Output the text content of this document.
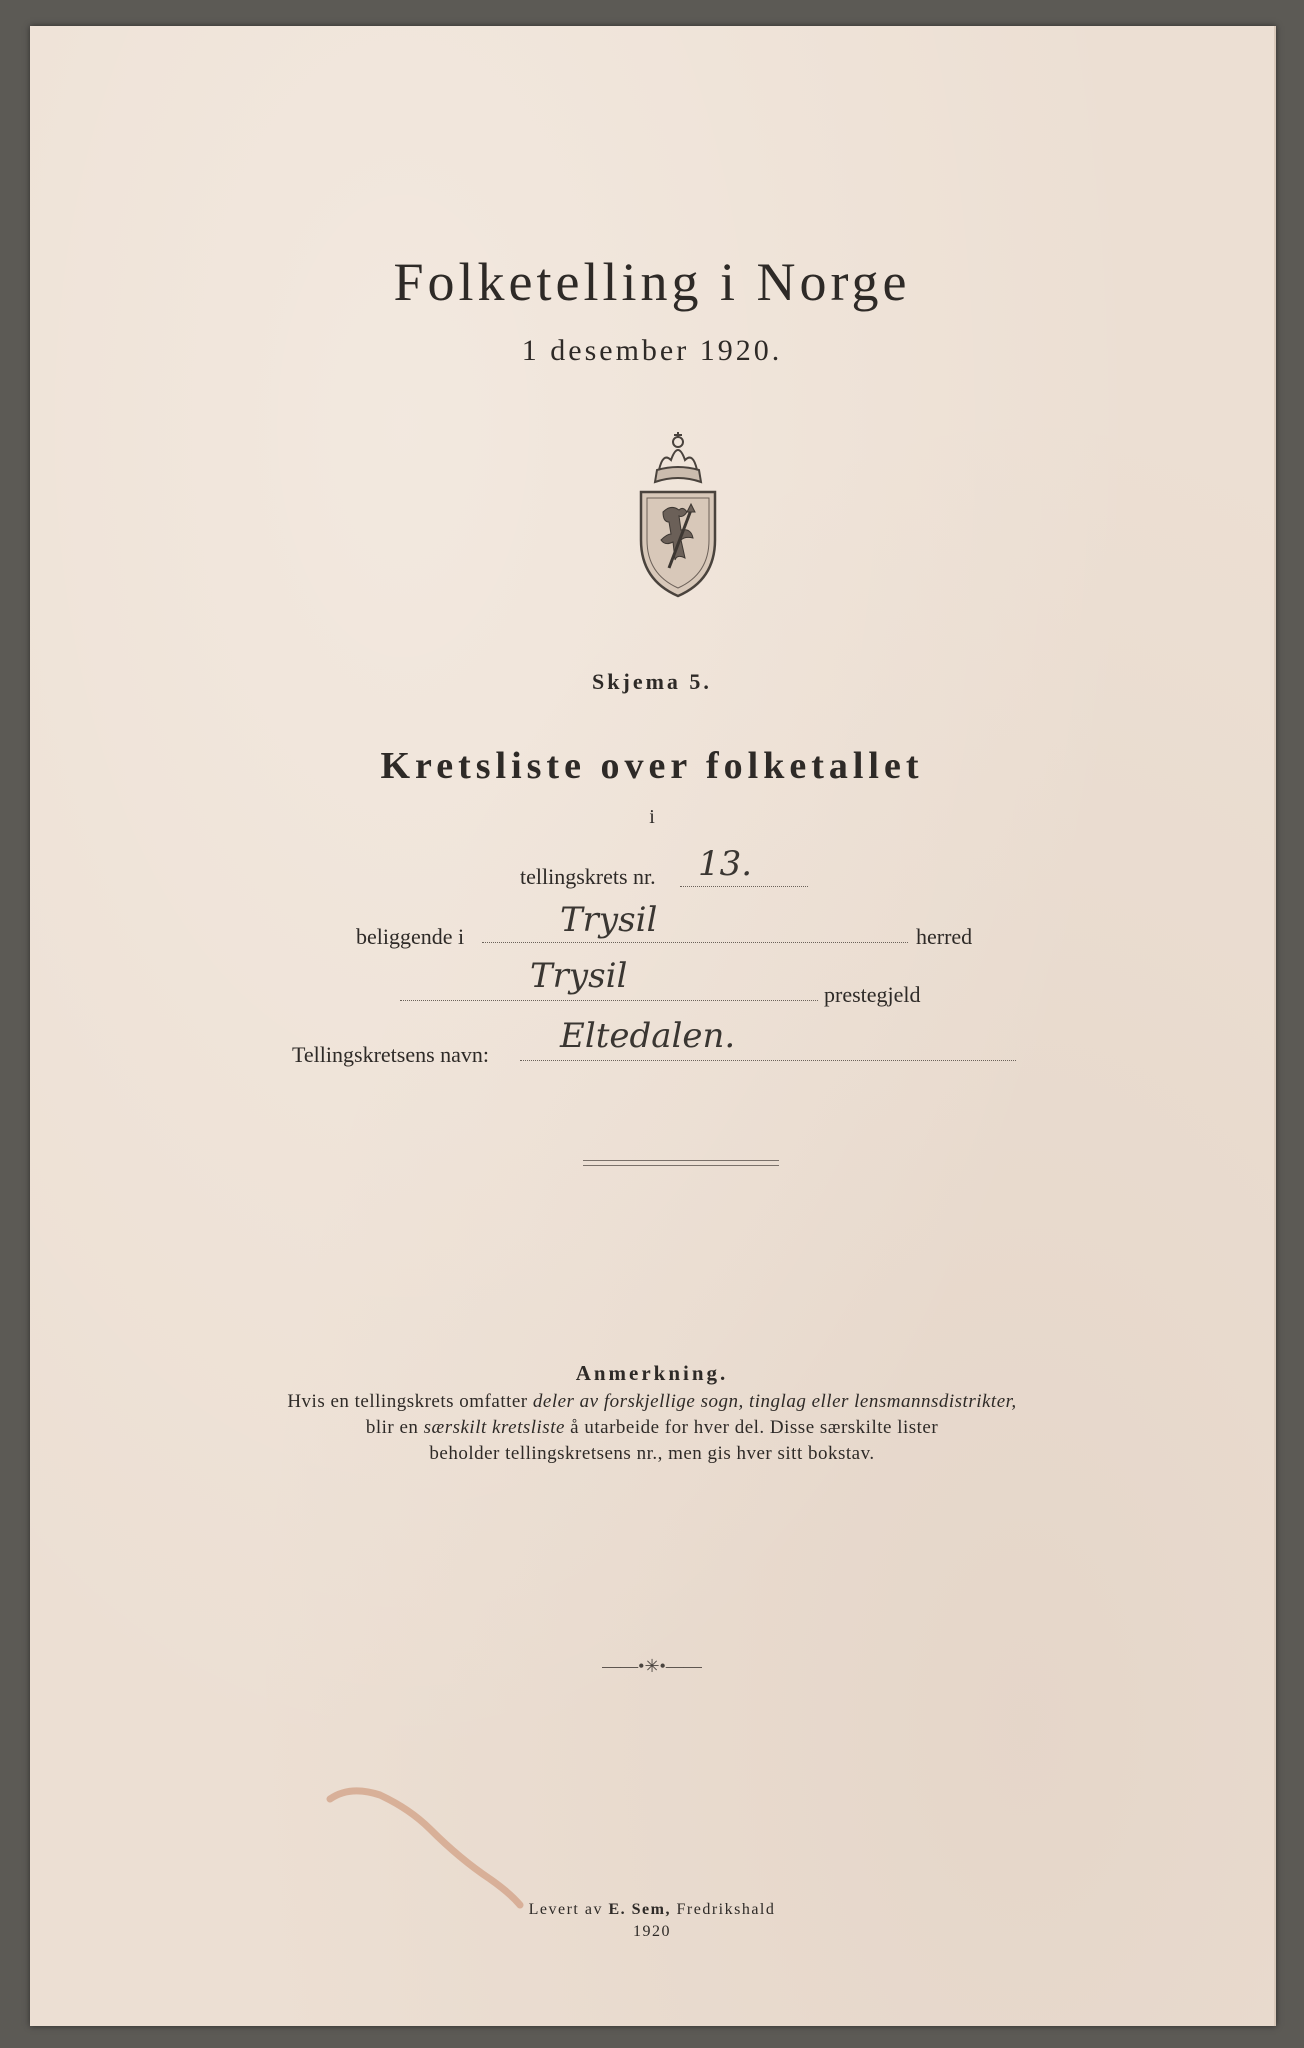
Folketelling i Norge
1 desember 1920.
Skjema 5.
Kretsliste over folketallet
i
tellingskrets nr. 13.
beliggende i	Trysil	herred
Trysil	prestegjeld
Tellingskretsens navn: Eltedalen.
Anmerkning.
Hvis en tellingskrets omfatter deler av forskjellige sogn, tinglag eller lensmannsdistrikter,
blir en særskilt kretsliste å utarbeide for hver del. Disse særskilte lister
beholder tellingskretsens nr., men gis hver sitt bokstav.
——•✳•——
Levert av E. Sem, Fredrikshald
1920
